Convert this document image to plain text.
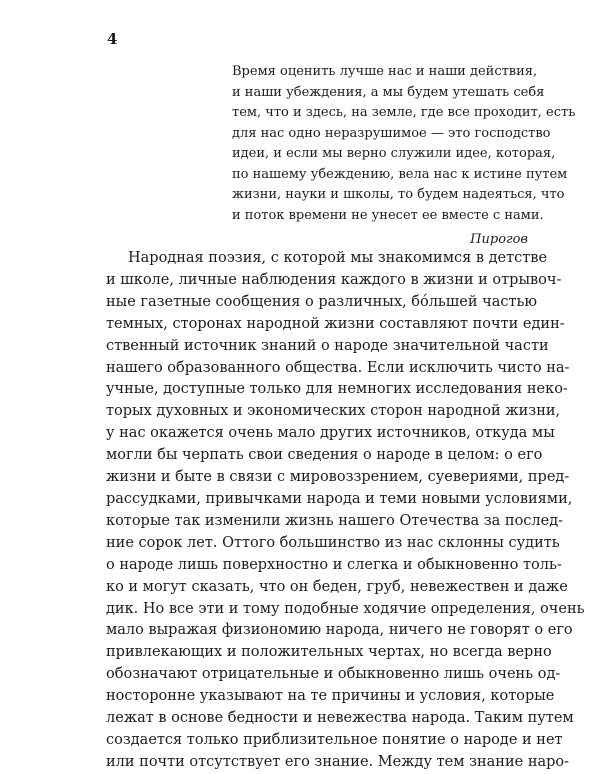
4
Время оценить лучше нас и наши действия,
и наши убеждения, а мы будем утешать себя
тем, что и здесь, на земле, где все проходит, есть
для нас одно неразрушимое — это господство
идеи, и если мы верно служили идее, которая,
по нашему убеждению, вела нас к истине путем
жизни, науки и школы, то будем надеяться, что
и поток времени не унесет ее вместе с нами.
Пирогов
Народная поэзия, с которой мы знакомимся в детстве
и школе, личные наблюдения каждого в жизни и отрывоч-
ные газетные сообщения о различных, бóльшей частью
темных, сторонах народной жизни составляют почти един-
ственный источник знаний о народе значительной части
нашего образованного общества. Если исключить чисто на-
учные, доступные только для немногих исследования неко-
торых духовных и экономических сторон народной жизни,
у нас окажется очень мало других источников, откуда мы
могли бы черпать свои сведения о народе в целом: о его
жизни и быте в связи с мировоззрением, суевериями, пред-
рассудками, привычками народа и теми новыми условиями,
которые так изменили жизнь нашего Отечества за послед-
ние сорок лет. Оттого большинство из нас склонны судить
о народе лишь поверхностно и слегка и обыкновенно толь-
ко и могут сказать, что он беден, груб, невежествен и даже
дик. Но все эти и тому подобные ходячие определения, очень
мало выражая физиономию народа, ничего не говорят о его
привлекающих и положительных чертах, но всегда верно
обозначают отрицательные и обыкновенно лишь очень од-
носторонне указывают на те причины и условия, которые
лежат в основе бедности и невежества народа. Таким путем
создается только приблизительное понятие о народе и нет
или почти отсутствует его знание. Между тем знание наро-
